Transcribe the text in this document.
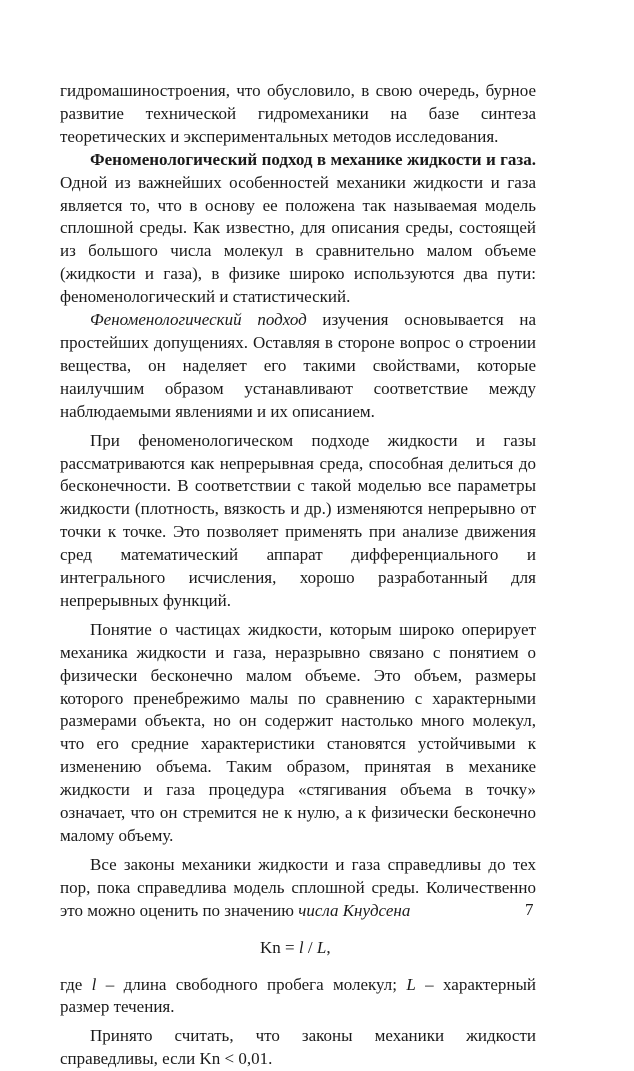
гидромашиностроения, что обусловило, в свою очередь, бурное развитие технической гидромеханики на базе синтеза теоретических и экспериментальных методов исследования.

Феноменологический подход в механике жидкости и газа. Одной из важнейших особенностей механики жидкости и газа является то, что в основу ее положена так называемая модель сплошной среды. Как известно, для описания среды, состоящей из большого числа молекул в сравнительно малом объеме (жидкости и газа), в физике широко используются два пути: феноменологический и статистический.

Феноменологический подход изучения основывается на простейших допущениях. Оставляя в стороне вопрос о строении вещества, он наделяет его такими свойствами, которые наилучшим образом устанавливают соответствие между наблюдаемыми явлениями и их описанием.

При феноменологическом подходе жидкости и газы рассматриваются как непрерывная среда, способная делиться до бесконечности. В соответствии с такой моделью все параметры жидкости (плотность, вязкость и др.) изменяются непрерывно от точки к точке. Это позволяет применять при анализе движения сред математический аппарат дифференциального и интегрального исчисления, хорошо разработанный для непрерывных функций.

Понятие о частицах жидкости, которым широко оперирует механика жидкости и газа, неразрывно связано с понятием о физически бесконечно малом объеме. Это объем, размеры которого пренебрежимо малы по сравнению с характерными размерами объекта, но он содержит настолько много молекул, что его средние характеристики становятся устойчивыми к изменению объема. Таким образом, принятая в механике жидкости и газа процедура «стягивания объема в точку» означает, что он стремится не к нулю, а к физически бесконечно малому объему.

Все законы механики жидкости и газа справедливы до тех пор, пока справедлива модель сплошной среды. Количественно это можно оценить по значению числа Кнудсена

Kn = l / L,

где l – длина свободного пробега молекул; L – характерный размер течения.

Принято считать, что законы механики жидкости справедливы, если Kn < 0,01.

7
